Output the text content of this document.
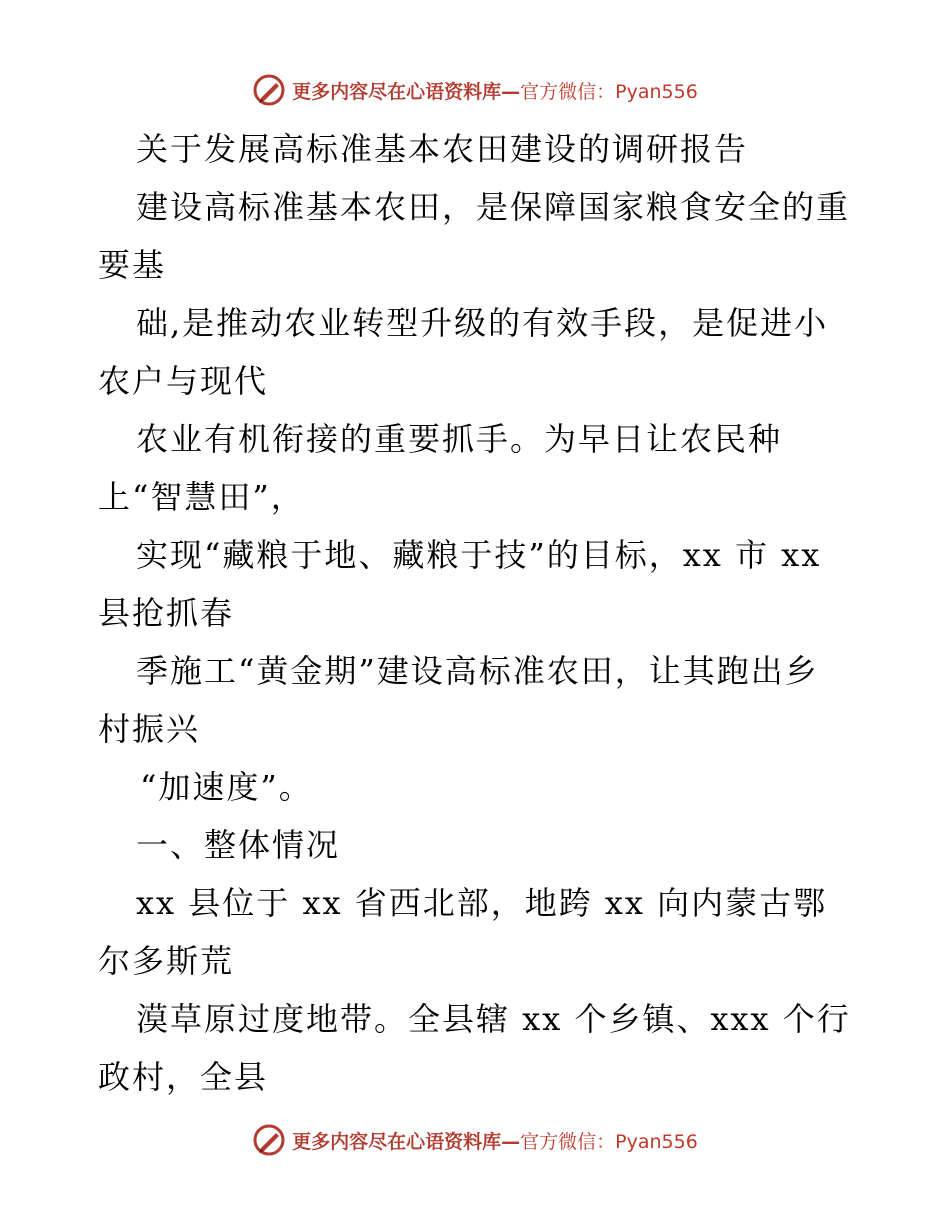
更多内容尽在心语资料库—官方微信：Pyan556

关于发展高标准基本农田建设的调研报告

建设高标准基本农田，是保障国家粮食安全的重

要基

础,是推动农业转型升级的有效手段，是促进小

农户与现代

农业有机衔接的重要抓手。为早日让农民种

上“智慧田”，

实现“藏粮于地、藏粮于技”的目标，xx 市 xx

县抢抓春

季施工“黄金期”建设高标准农田，让其跑出乡

村振兴

“加速度”。

一、整体情况

xx 县位于 xx 省西北部，地跨 xx 向内蒙古鄂

尔多斯荒

漠草原过度地带。全县辖 xx 个乡镇、xxx 个行

政村，全县

更多内容尽在心语资料库—官方微信：Pyan556
